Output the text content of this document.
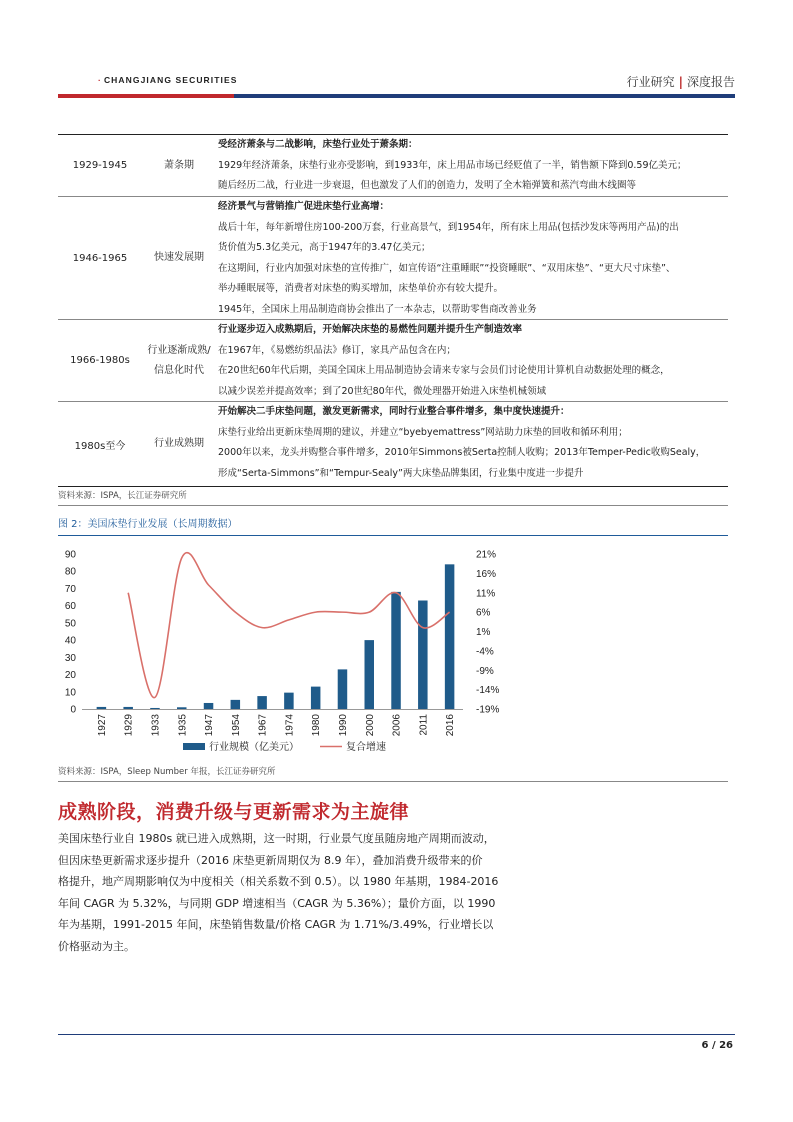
· CHANGJIANG SECURITIES	行业研究 | 深度报告
1929-1945	萧条期
受经济萧条与二战影响，床垫行业处于萧条期：
1929年经济萧条，床垫行业亦受影响，到1933年，床上用品市场已经贬值了一半，销售额下降到0.59亿美元；
随后经历二战，行业进一步衰退，但也激发了人们的创造力，发明了全木箱弹簧和蒸汽弯曲木线圈等
1946-1965	快速发展期
经济景气与营销推广促进床垫行业高增：
战后十年，每年新增住房100-200万套，行业高景气，到1954年，所有床上用品(包括沙发床等两用产品)的出
货价值为5.3亿美元，高于1947年的3.47亿美元；
在这期间，行业内加强对床垫的宣传推广，如宣传语“注重睡眠”“投资睡眠”、“双用床垫”、“更大尺寸床垫”、
举办睡眠展等，消费者对床垫的购买增加，床垫单价亦有较大提升。
1945年，全国床上用品制造商协会推出了一本杂志，以帮助零售商改善业务
1966-1980s
行业逐渐成熟/信息化时代
行业逐步迈入成熟期后，开始解决床垫的易燃性问题并提升生产制造效率
在1967年，《易燃纺织品法》修订，家具产品包含在内；
在20世纪60年代后期，美国全国床上用品制造协会请来专家与会员们讨论使用计算机自动数据处理的概念，
以减少误差并提高效率；到了20世纪80年代，微处理器开始进入床垫机械领域
1980s至今	行业成熟期
开始解决二手床垫问题，激发更新需求，同时行业整合事件增多，集中度快速提升：
床垫行业给出更新床垫周期的建议，并建立“byebyemattress”网站助力床垫的回收和循环利用；
2000年以来，龙头并购整合事件增多，2010年Simmons被Serta控制人收购；2013年Temper-Pedic收购Sealy，
形成“Serta-Simmons”和“Tempur-Sealy”两大床垫品牌集团，行业集中度进一步提升
资料来源：ISPA，长江证券研究所
图 2：美国床垫行业发展（长周期数据）
0
10
20
30
40
50
60
70
80
90	21%
16%
11%
6%
1%
-4%
-9%
-14%
-19%
1927 1929 1933 1935 1947 1954 1967 1974 1980 1990 2000 2006 2011 2016
行业规模（亿美元）	复合增速
资料来源：ISPA，Sleep Number 年报，长江证券研究所
成熟阶段，消费升级与更新需求为主旋律
美国床垫行业自 1980s 就已进入成熟期，这一时期，行业景气度虽随房地产周期而波动，
但因床垫更新需求逐步提升（2016 床垫更新周期仅为 8.9 年），叠加消费升级带来的价
格提升，地产周期影响仅为中度相关（相关系数不到 0.5）。以 1980 年基期，1984-2016
年间 CAGR 为 5.32%，与同期 GDP 增速相当（CAGR 为 5.36%）；量价方面，以 1990
年为基期，1991-2015 年间，床垫销售数量/价格 CAGR 为 1.71%/3.49%，行业增长以
价格驱动为主。
6 / 26
